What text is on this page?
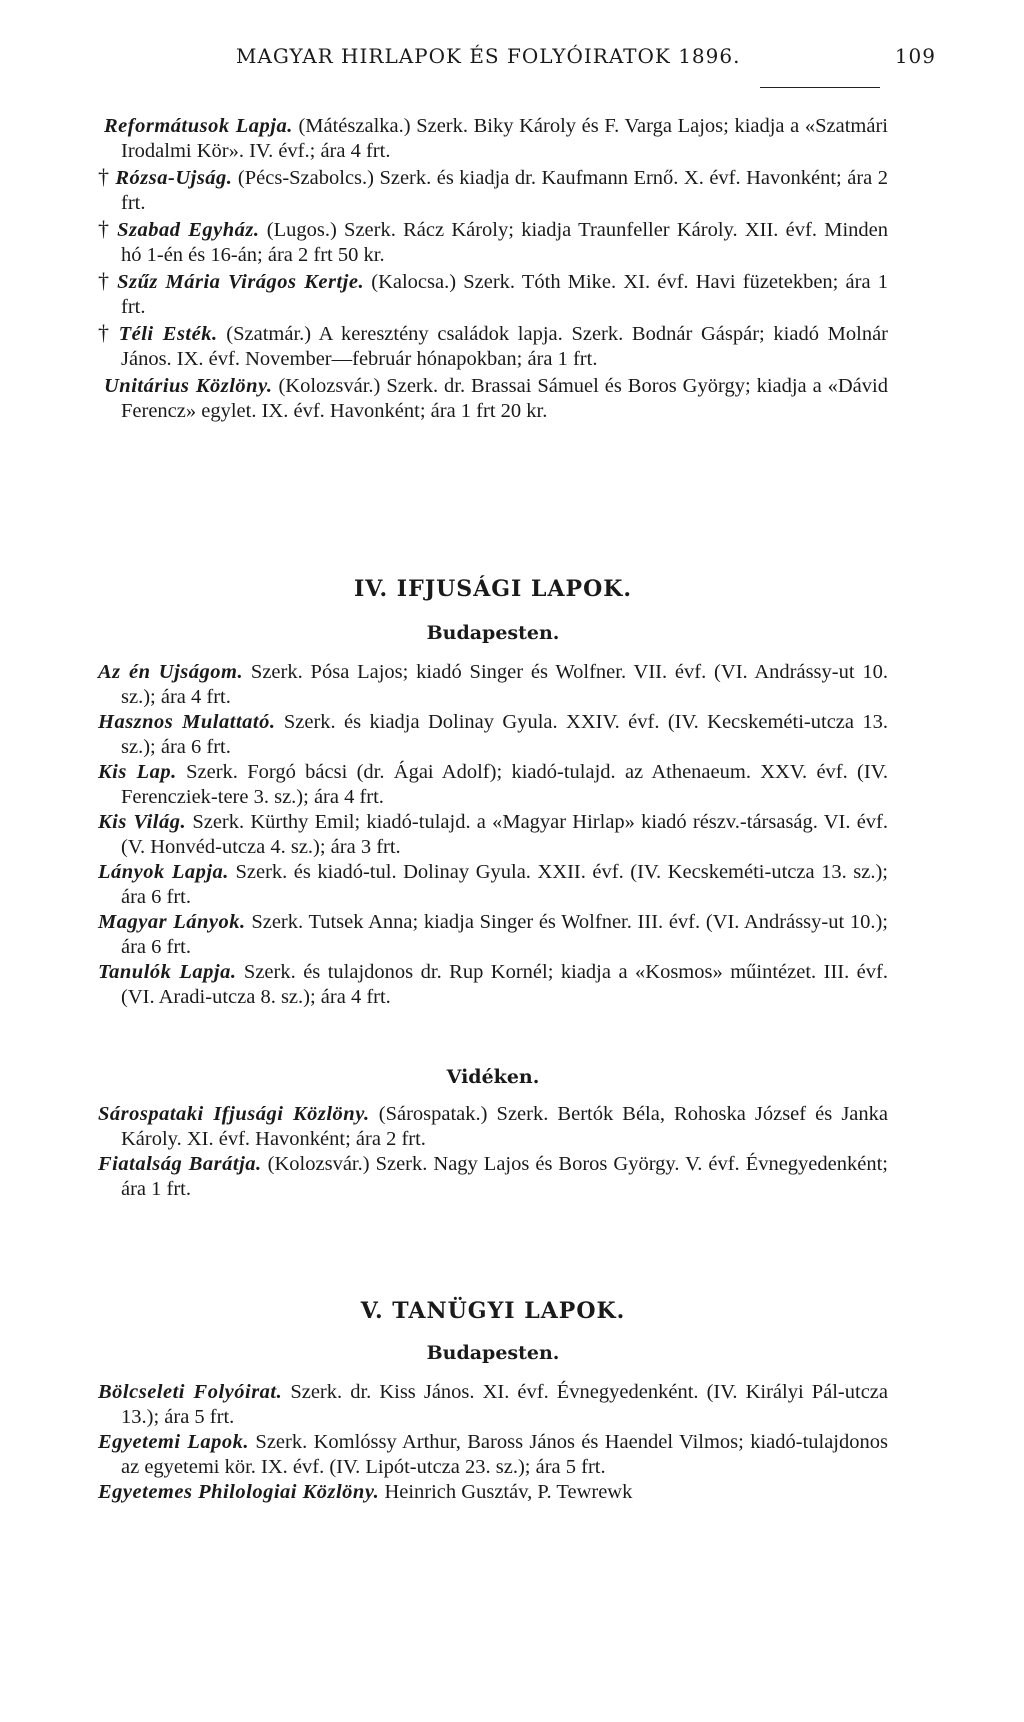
MAGYAR HIRLAPOK ÉS FOLYÓIRATOK 1896.	109

Reformátusok Lapja. (Mátészalka.) Szerk. Biky Károly és F. Varga Lajos; kiadja a «Szatmári Irodalmi Kör». IV. évf.; ára 4 frt.

† Rózsa-Ujság. (Pécs-Szabolcs.) Szerk. és kiadja dr. Kaufmann Ernő. X. évf. Havonként; ára 2 frt.

† Szabad Egyház. (Lugos.) Szerk. Rácz Károly; kiadja Traunfeller Károly. XII. évf. Minden hó 1-én és 16-án; ára 2 frt 50 kr.

† Szűz Mária Virágos Kertje. (Kalocsa.) Szerk. Tóth Mike. XI. évf. Havi füzetekben; ára 1 frt.

† Téli Esték. (Szatmár.) A keresztény családok lapja. Szerk. Bodnár Gáspár; kiadó Molnár János. IX. évf. November—február hónapokban; ára 1 frt.

Unitárius Közlöny. (Kolozsvár.) Szerk. dr. Brassai Sámuel és Boros György; kiadja a «Dávid Ferencz» egylet. IX. évf. Havonként; ára 1 frt 20 kr.

IV. IFJUSÁGI LAPOK.
Budapesten.

Az én Ujságom. Szerk. Pósa Lajos; kiadó Singer és Wolfner. VII. évf. (VI. Andrássy-ut 10. sz.); ára 4 frt.

Hasznos Mulattató. Szerk. és kiadja Dolinay Gyula. XXIV. évf. (IV. Kecskeméti-utcza 13. sz.); ára 6 frt.

Kis Lap. Szerk. Forgó bácsi (dr. Ágai Adolf); kiadó-tulajd. az Athenaeum. XXV. évf. (IV. Ferencziek-tere 3. sz.); ára 4 frt.

Kis Világ. Szerk. Kürthy Emil; kiadó-tulajd. a «Magyar Hirlap» kiadó részv.-társaság. VI. évf. (V. Honvéd-utcza 4. sz.); ára 3 frt.

Lányok Lapja. Szerk. és kiadó-tul. Dolinay Gyula. XXII. évf. (IV. Kecskeméti-utcza 13. sz.); ára 6 frt.

Magyar Lányok. Szerk. Tutsek Anna; kiadja Singer és Wolfner. III. évf. (VI. Andrássy-ut 10.); ára 6 frt.

Tanulók Lapja. Szerk. és tulajdonos dr. Rup Kornél; kiadja a «Kosmos» műintézet. III. évf. (VI. Aradi-utcza 8. sz.); ára 4 frt.

Vidéken.

Sárospataki Ifjusági Közlöny. (Sárospatak.) Szerk. Bertók Béla, Rohoska József és Janka Károly. XI. évf. Havonként; ára 2 frt.

Fiatalság Barátja. (Kolozsvár.) Szerk. Nagy Lajos és Boros György. V. évf. Évnegyedenként; ára 1 frt.

V. TANÜGYI LAPOK.
Budapesten.

Bölcseleti Folyóirat. Szerk. dr. Kiss János. XI. évf. Évnegyedenként. (IV. Királyi Pál-utcza 13.); ára 5 frt.

Egyetemi Lapok. Szerk. Komlóssy Arthur, Baross János és Haendel Vilmos; kiadó-tulajdonos az egyetemi kör. IX. évf. (IV. Lipót-utcza 23. sz.); ára 5 frt.

Egyetemes Philologiai Közlöny. Heinrich Gusztáv, P. Tewrewk
